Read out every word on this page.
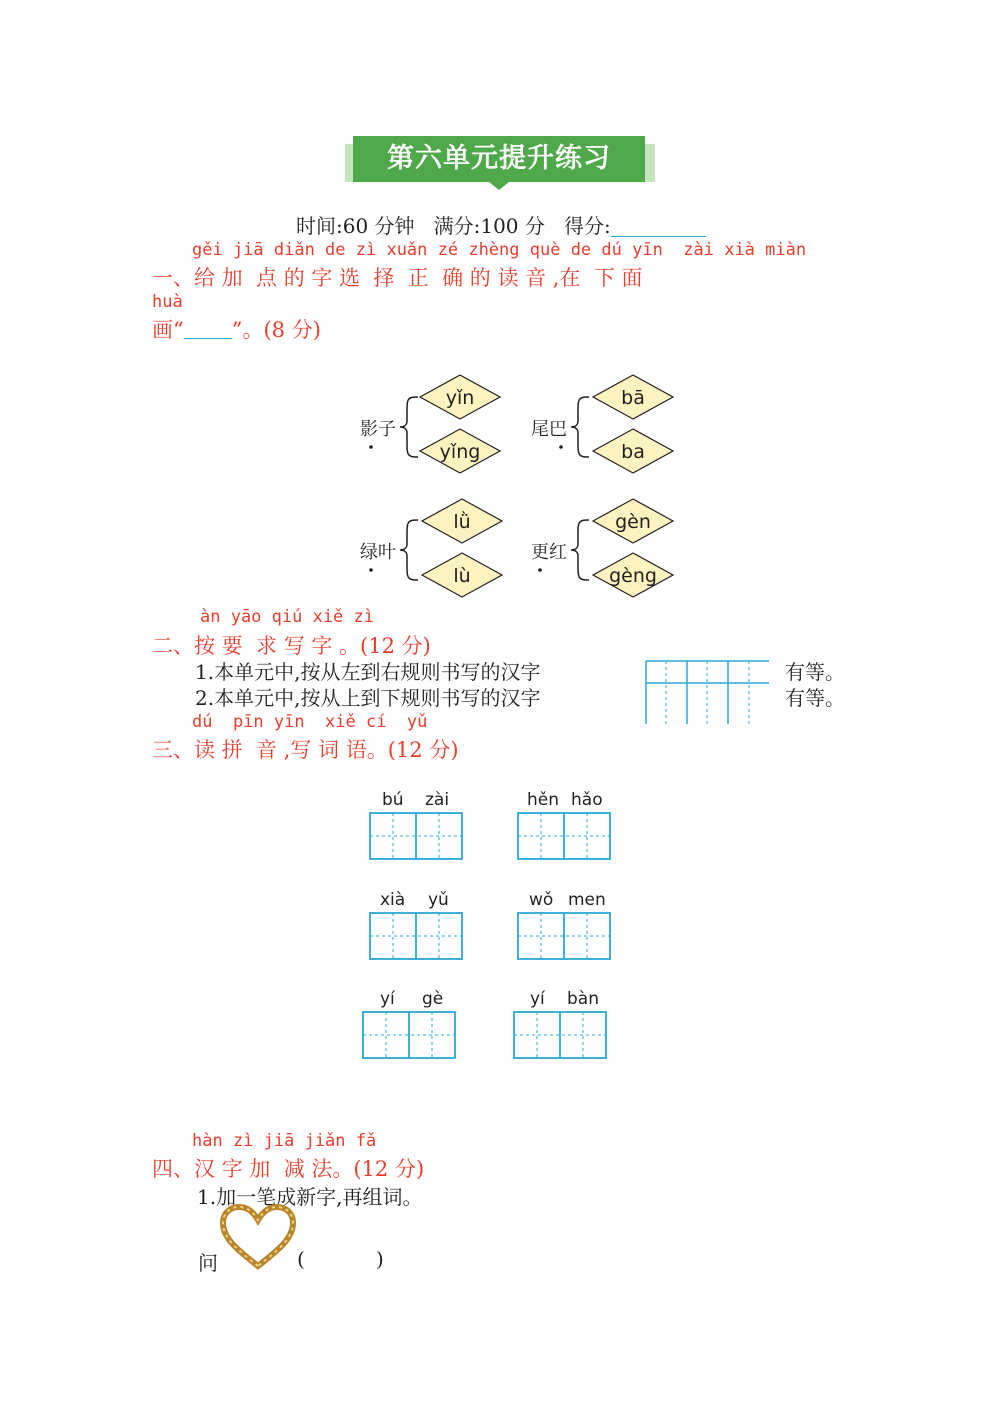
第六单元提升练习
时间:60 分钟 满分:100 分 得分:
gěi jiā diǎn de zì xuǎn zé zhèng què de dú yīn  zài xià miàn
一、给 加  点 的 字 选  择  正  确 的 读 音 ,在  下 面
huà
画“ ”。(8 分)
影子
yǐn
yǐng
尾巴
bā
ba
绿叶
lǜ
lù
更红
gèn
gèng
àn yāo qiú xiě zì
二、按 要  求 写 字 。(12 分)
1.本单元中,按从左到右规则书写的汉字
2.本单元中,按从上到下规则书写的汉字
有等。
有等。
dú  pīn yīn  xiě cí  yǔ
三、读 拼  音 ,写 词 语。(12 分)
bú zài	hěn hǎo
xià yǔ	wǒ men
yí gè	yí bàn
hàn zì jiā jiǎn fǎ
四、汉 字 加  减 法。(12 分)
1.加一笔成新字,再组词。
问	(	)
